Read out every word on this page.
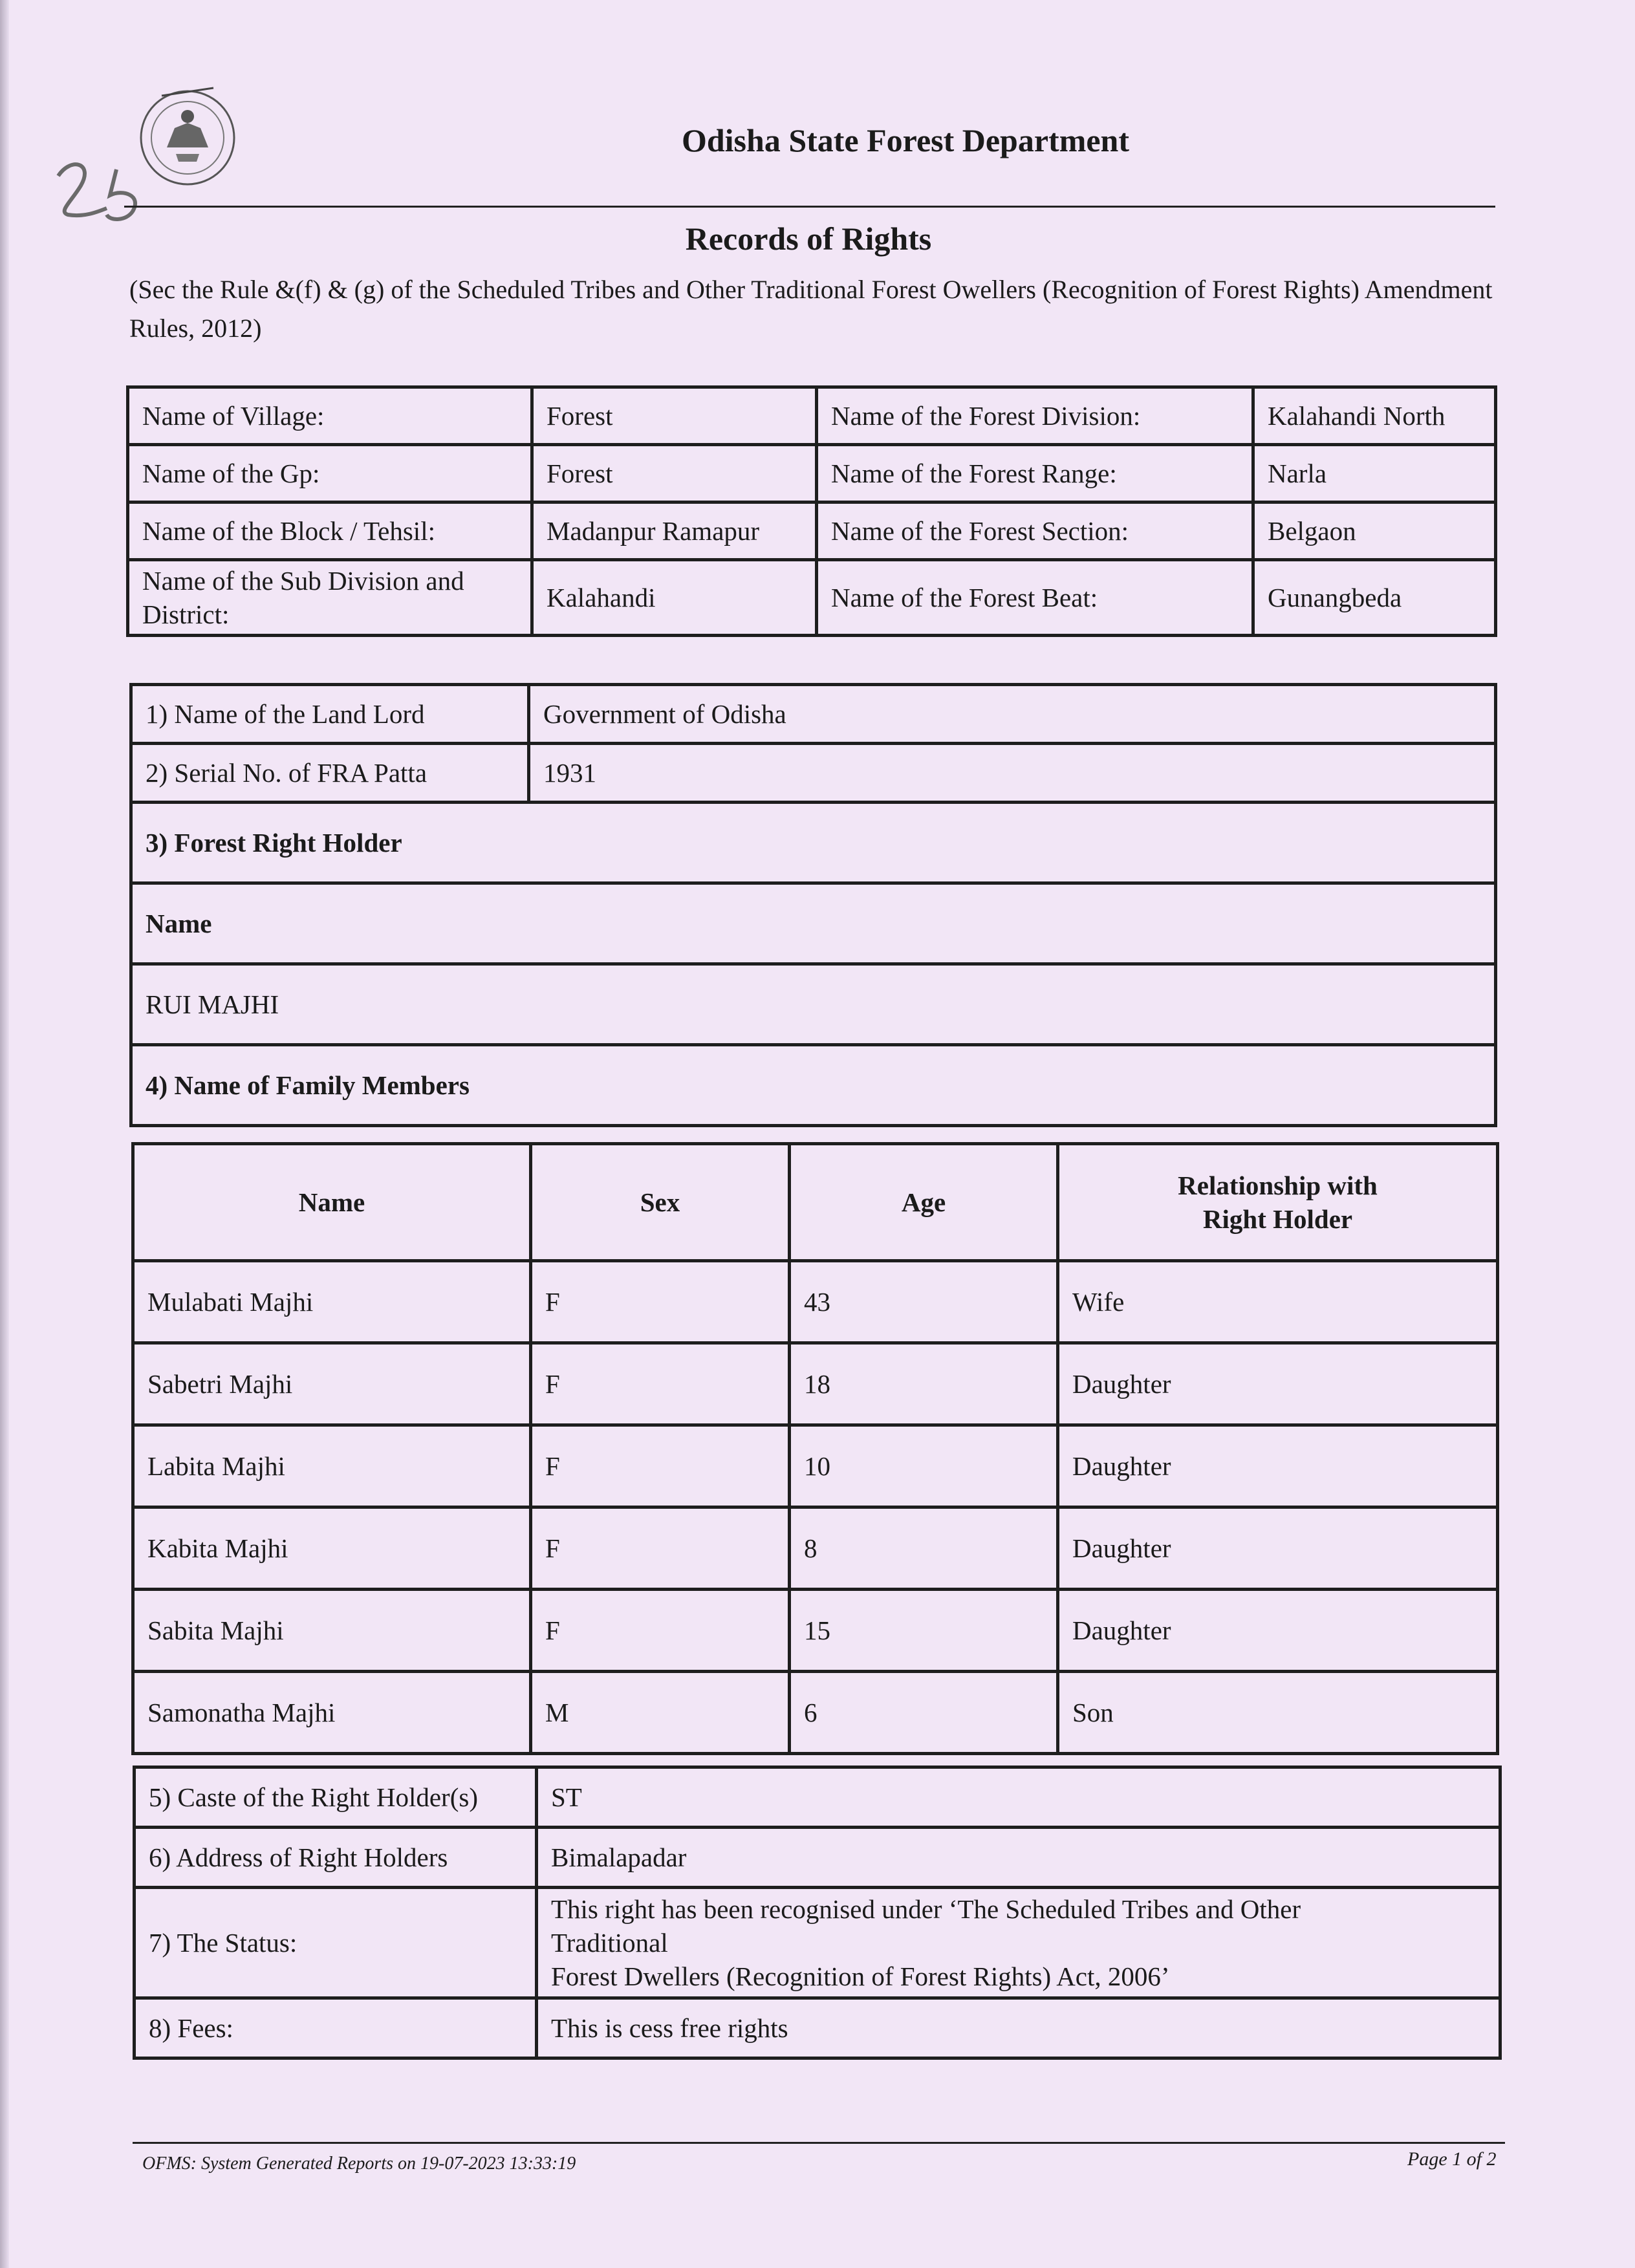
Odisha State Forest Department
Records of Rights
(Sec the Rule &(f) & (g) of the Scheduled Tribes and Other Traditional Forest Owellers (Recognition of Forest Rights) Amendment Rules, 2012)
Name of Village:	Forest	Name of the Forest Division:	Kalahandi North
Name of the Gp:	Forest	Name of the Forest Range:	Narla
Name of the Block / Tehsil:	Madanpur Ramapur	Name of the Forest Section:	Belgaon
Name of the Sub Division and District:	Kalahandi	Name of the Forest Beat:	Gunangbeda
1) Name of the Land Lord	Government of Odisha
2) Serial No. of FRA Patta	1931
3) Forest Right Holder	
Name	
RUI MAJHI	
4) Name of Family Members	
Name	Sex	Age	Relationship with
Right Holder
Mulabati Majhi	F	43	Wife
Sabetri Majhi	F	18	Daughter
Labita Majhi	F	10	Daughter
Kabita Majhi	F	8	Daughter
Sabita Majhi	F	15	Daughter
Samonatha Majhi	M	6	Son
5) Caste of the Right Holder(s)	ST
6) Address of Right Holders	Bimalapadar
7) The Status:	This right has been recognised under ‘The Scheduled Tribes and Other
Traditional
Forest Dwellers (Recognition of Forest Rights) Act, 2006’
8) Fees:	This is cess free rights
OFMS: System Generated Reports on 19-07-2023 13:33:19	Page 1 of 2
